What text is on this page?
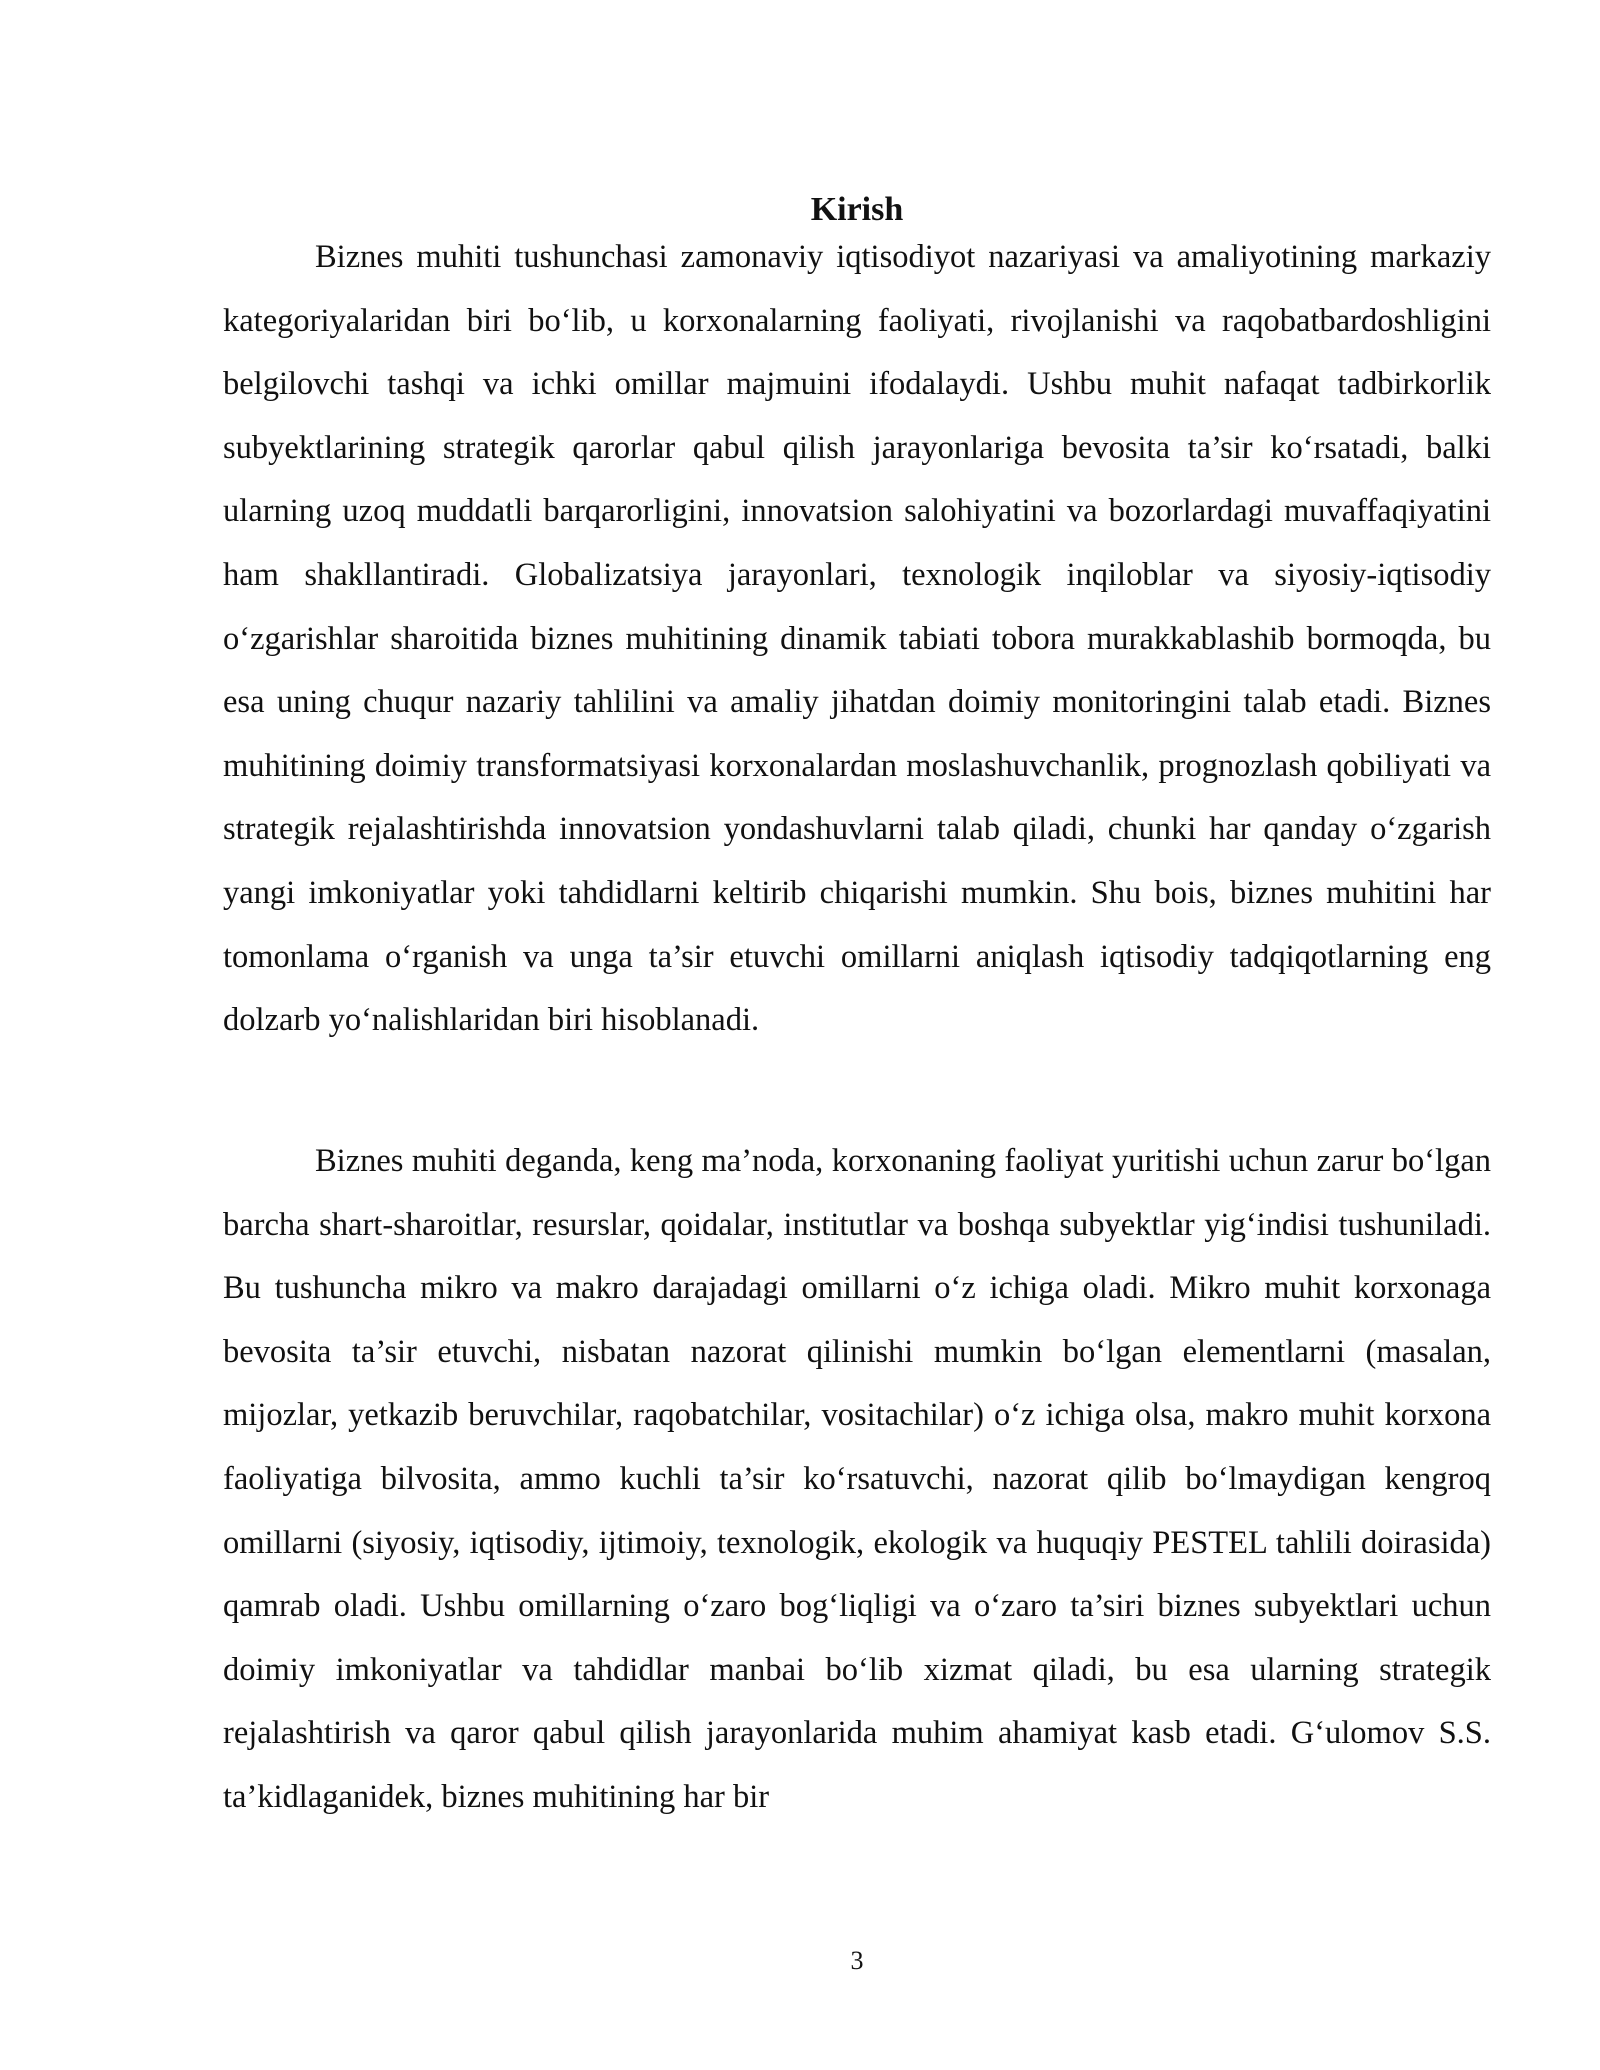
Kirish

Biznes muhiti tushunchasi zamonaviy iqtisodiyot nazariyasi va amaliyotining markaziy kategoriyalaridan biri bo‘lib, u korxonalarning faoliyati, rivojlanishi va raqobatbardoshligini belgilovchi tashqi va ichki omillar majmuini ifodalaydi. Ushbu muhit nafaqat tadbirkorlik subyektlarining strategik qarorlar qabul qilish jarayonlariga bevosita ta’sir ko‘rsatadi, balki ularning uzoq muddatli barqarorligini, innovatsion salohiyatini va bozorlardagi muvaffaqiyatini ham shakllantiradi. Globalizatsiya jarayonlari, texnologik inqiloblar va siyosiy-iqtisodiy o‘zgarishlar sharoitida biznes muhitining dinamik tabiati tobora murakkablashib bormoqda, bu esa uning chuqur nazariy tahlilini va amaliy jihatdan doimiy monitoringini talab etadi. Biznes muhitining doimiy transformatsiyasi korxonalardan moslashuvchanlik, prognozlash qobiliyati va strategik rejalashtirishda innovatsion yondashuvlarni talab qiladi, chunki har qanday o‘zgarish yangi imkoniyatlar yoki tahdidlarni keltirib chiqarishi mumkin. Shu bois, biznes muhitini har tomonlama o‘rganish va unga ta’sir etuvchi omillarni aniqlash iqtisodiy tadqiqotlarning eng dolzarb yo‘nalishlaridan biri hisoblanadi.

Biznes muhiti deganda, keng ma’noda, korxonaning faoliyat yuritishi uchun zarur bo‘lgan barcha shart-sharoitlar, resurslar, qoidalar, institutlar va boshqa subyektlar yig‘indisi tushuniladi. Bu tushuncha mikro va makro darajadagi omillarni o‘z ichiga oladi. Mikro muhit korxonaga bevosita ta’sir etuvchi, nisbatan nazorat qilinishi mumkin bo‘lgan elementlarni (masalan, mijozlar, yetkazib beruvchilar, raqobatchilar, vositachilar) o‘z ichiga olsa, makro muhit korxona faoliyatiga bilvosita, ammo kuchli ta’sir ko‘rsatuvchi, nazorat qilib bo‘lmaydigan kengroq omillarni (siyosiy, iqtisodiy, ijtimoiy, texnologik, ekologik va huquqiy PESTEL tahlili doirasida) qamrab oladi. Ushbu omillarning o‘zaro bog‘liqligi va o‘zaro ta’siri biznes subyektlari uchun doimiy imkoniyatlar va tahdidlar manbai bo‘lib xizmat qiladi, bu esa ularning strategik rejalashtirish va qaror qabul qilish jarayonlarida muhim ahamiyat kasb etadi. G‘ulomov S.S. ta’kidlaganidek, biznes muhitining har bir

3
